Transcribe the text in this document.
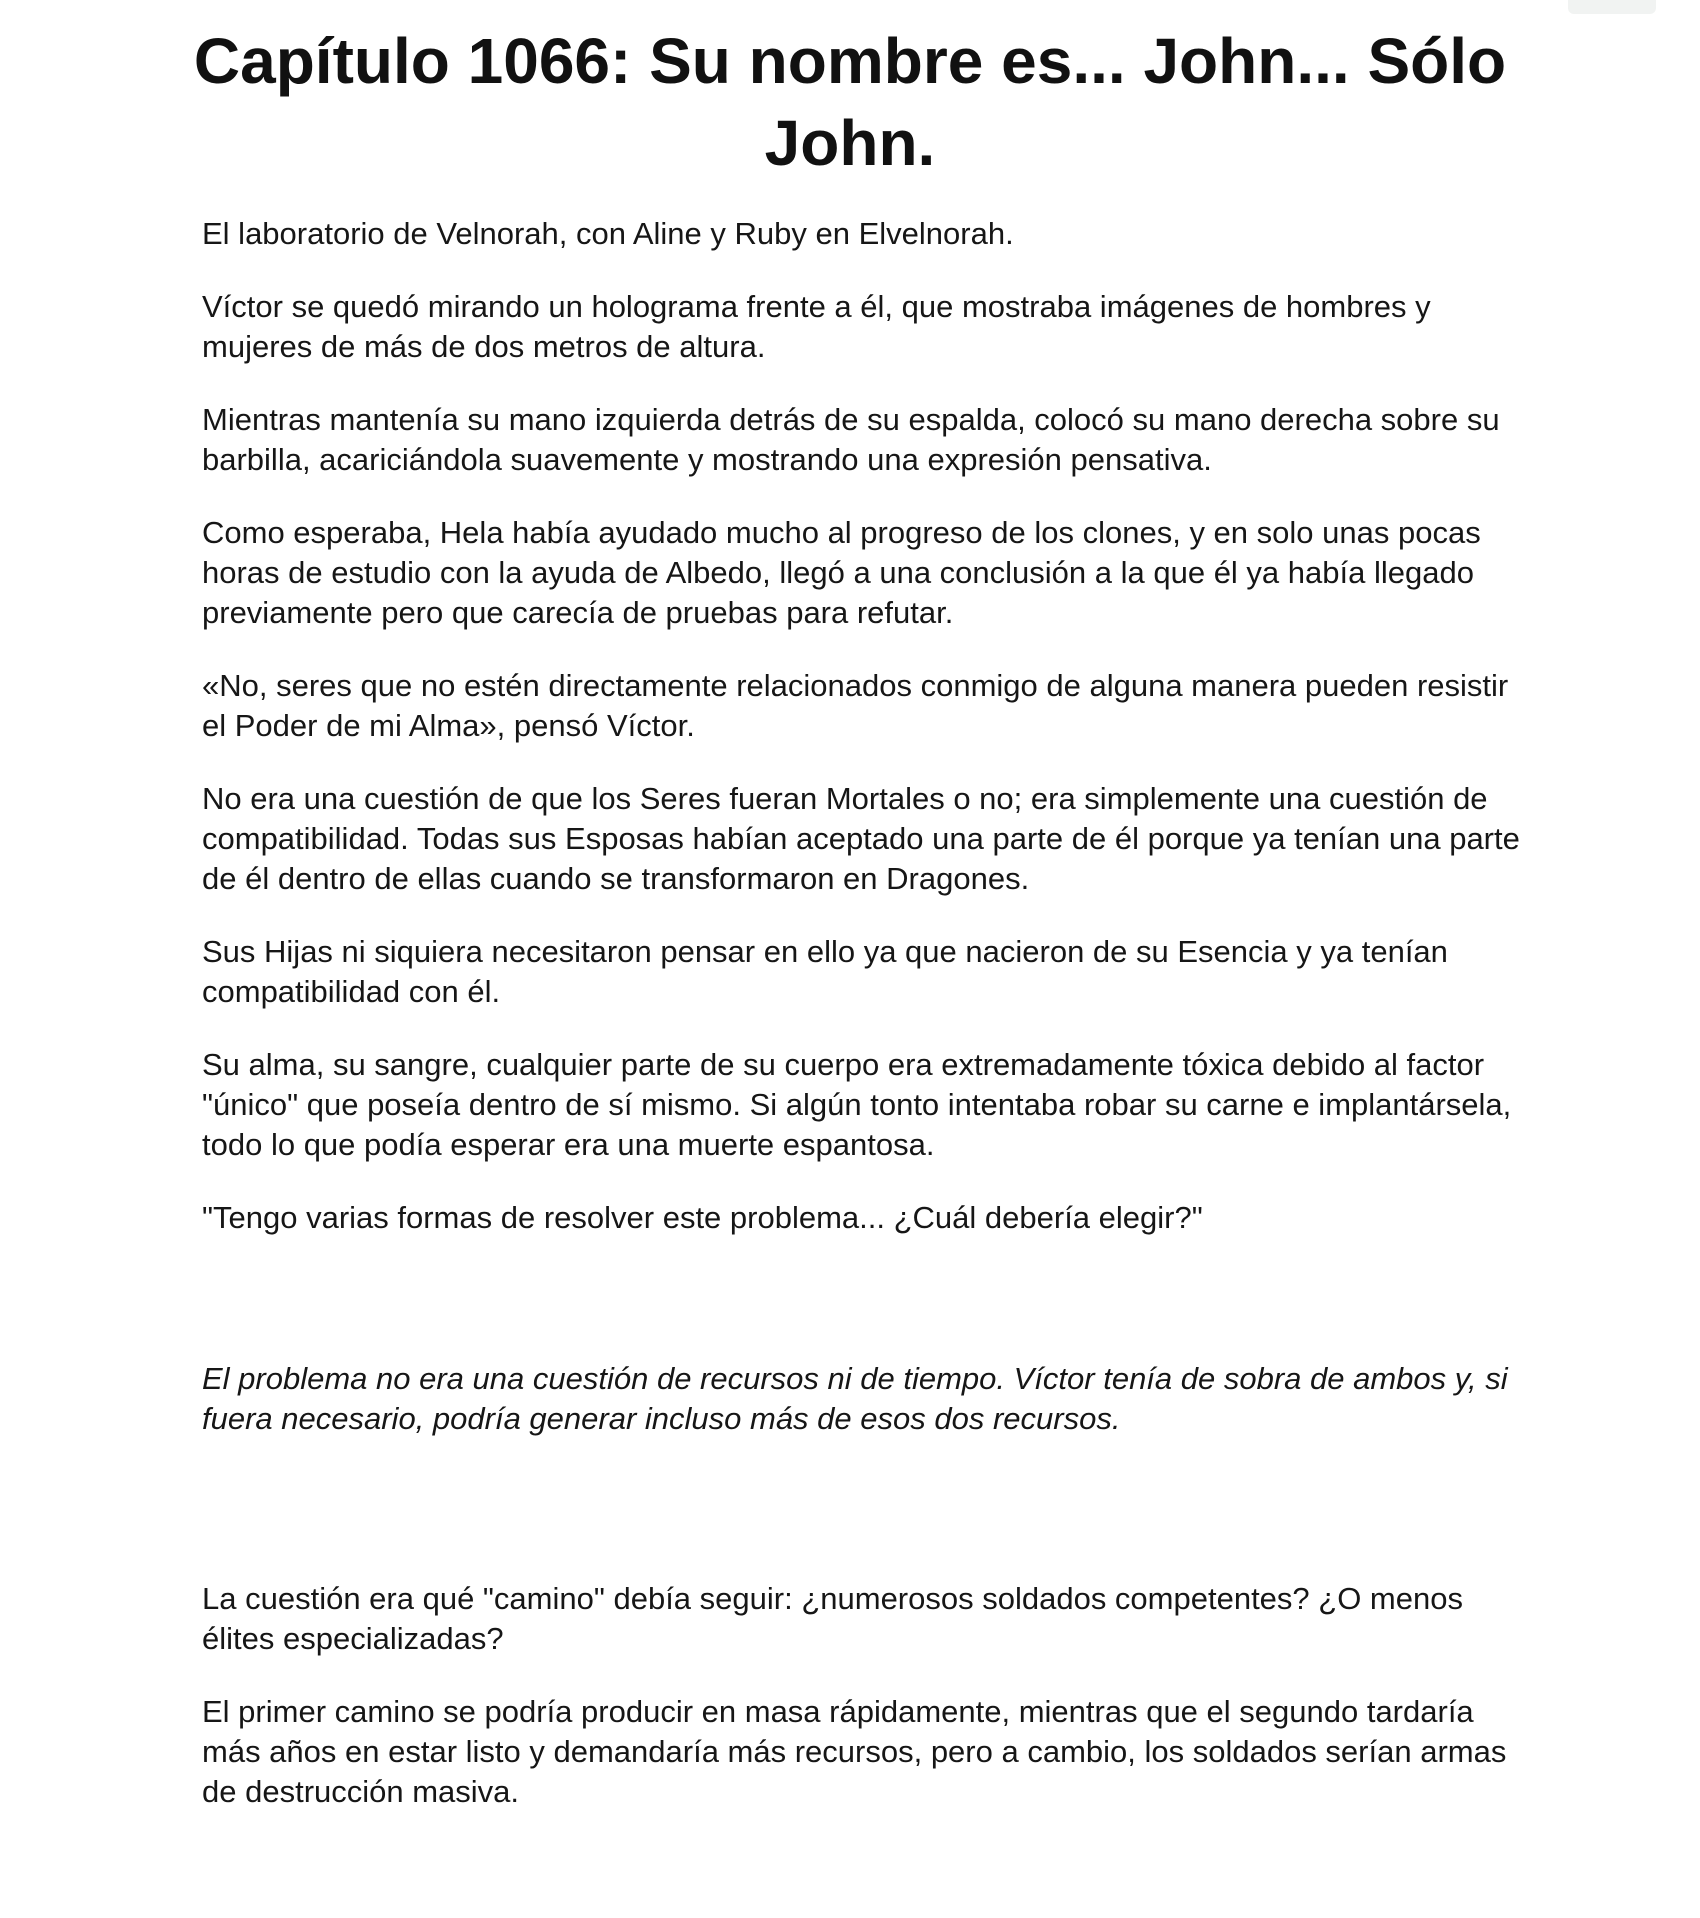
Capítulo 1066: Su nombre es... John... Sólo John.

El laboratorio de Velnorah, con Aline y Ruby en Elvelnorah.

Víctor se quedó mirando un holograma frente a él, que mostraba imágenes de hombres y mujeres de más de dos metros de altura.

Mientras mantenía su mano izquierda detrás de su espalda, colocó su mano derecha sobre su barbilla, acariciándola suavemente y mostrando una expresión pensativa.

Como esperaba, Hela había ayudado mucho al progreso de los clones, y en solo unas pocas horas de estudio con la ayuda de Albedo, llegó a una conclusión a la que él ya había llegado previamente pero que carecía de pruebas para refutar.

«No, seres que no estén directamente relacionados conmigo de alguna manera pueden resistir el Poder de mi Alma», pensó Víctor.

No era una cuestión de que los Seres fueran Mortales o no; era simplemente una cuestión de compatibilidad. Todas sus Esposas habían aceptado una parte de él porque ya tenían una parte de él dentro de ellas cuando se transformaron en Dragones.

Sus Hijas ni siquiera necesitaron pensar en ello ya que nacieron de su Esencia y ya tenían compatibilidad con él.

Su alma, su sangre, cualquier parte de su cuerpo era extremadamente tóxica debido al factor "único" que poseía dentro de sí mismo. Si algún tonto intentaba robar su carne e implantársela, todo lo que podía esperar era una muerte espantosa.

"Tengo varias formas de resolver este problema... ¿Cuál debería elegir?"

El problema no era una cuestión de recursos ni de tiempo. Víctor tenía de sobra de ambos y, si fuera necesario, podría generar incluso más de esos dos recursos.

La cuestión era qué "camino" debía seguir: ¿numerosos soldados competentes? ¿O menos élites especializadas?

El primer camino se podría producir en masa rápidamente, mientras que el segundo tardaría más años en estar listo y demandaría más recursos, pero a cambio, los soldados serían armas de destrucción masiva.
